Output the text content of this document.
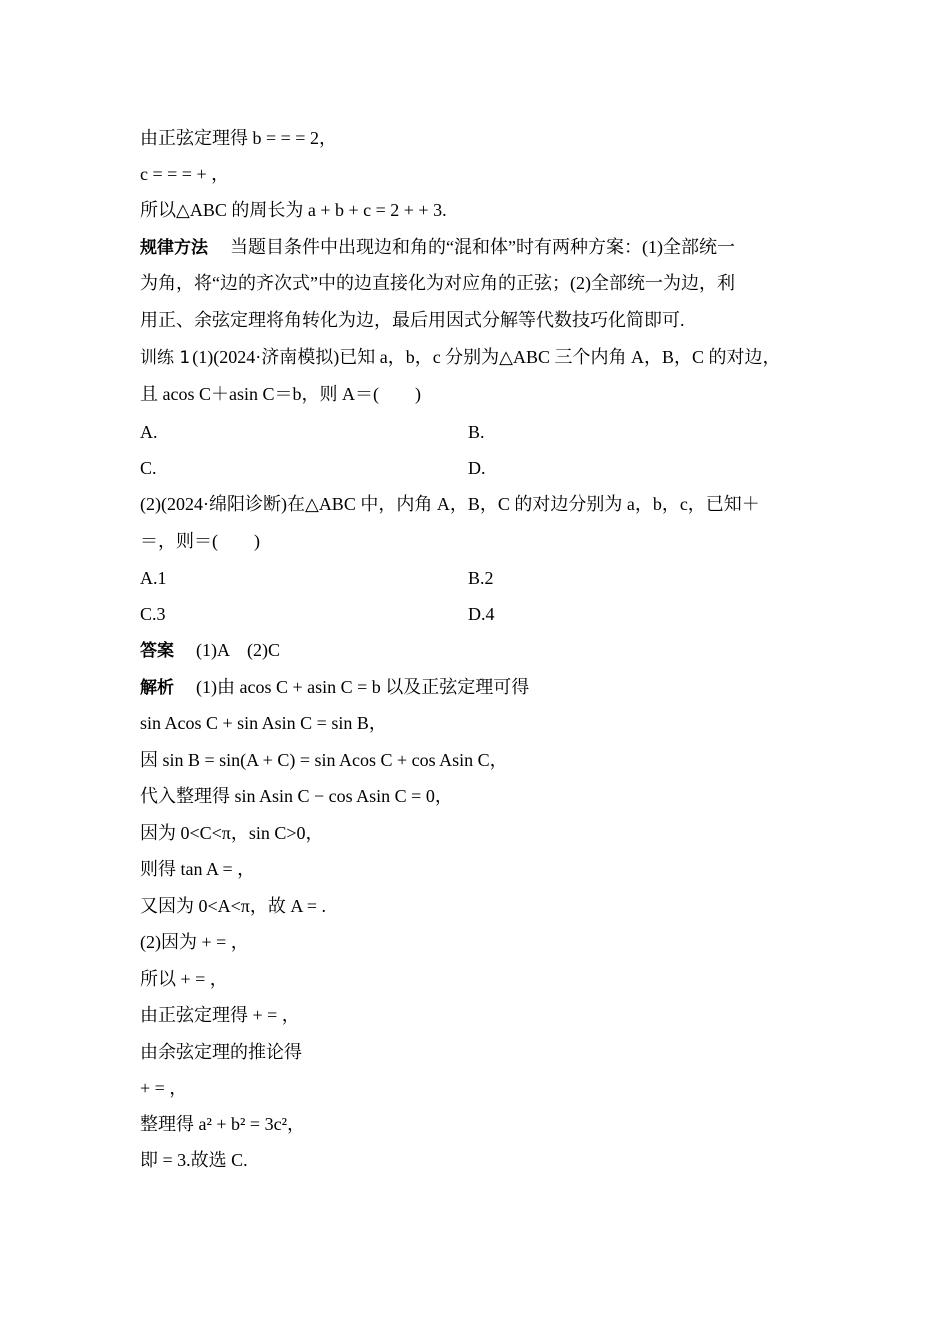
由正弦定理得 b = = = 2，
c = = = + ，
所以△ABC 的周长为 a + b + c = 2 + + 3.
规律方法　当题目条件中出现边和角的“混和体”时有两种方案：(1)全部统一
为角，将“边的齐次式”中的边直接化为对应角的正弦；(2)全部统一为边，利
用正、余弦定理将角转化为边，最后用因式分解等代数技巧化简即可.
训练 1 (1)(2024·济南模拟)已知 a，b，c 分别为△ABC 三个内角 A，B，C 的对边，
且 acos C＋asin C＝b，则 A＝(　　)
A.	B.
C.	D.
(2)(2024·绵阳诊断)在△ABC 中，内角 A，B，C 的对边分别为 a，b，c，已知＋
＝，则＝(　　)
A.1	B.2
C.3	D.4
答案　(1)A　(2)C
解析　(1)由 acos C + asin C = b 以及正弦定理可得
sin Acos C + sin Asin C = sin B，
因 sin B = sin(A + C) = sin Acos C + cos Asin C，
代入整理得 sin Asin C − cos Asin C = 0，
因为 0<C<π，sin C>0，
则得 tan A = ，
又因为 0<A<π，故 A = .
(2)因为 + = ，
所以 + = ，
由正弦定理得 + = ，
由余弦定理的推论得
+ = ，
整理得 a² + b² = 3c²，
即 = 3.故选 C.
